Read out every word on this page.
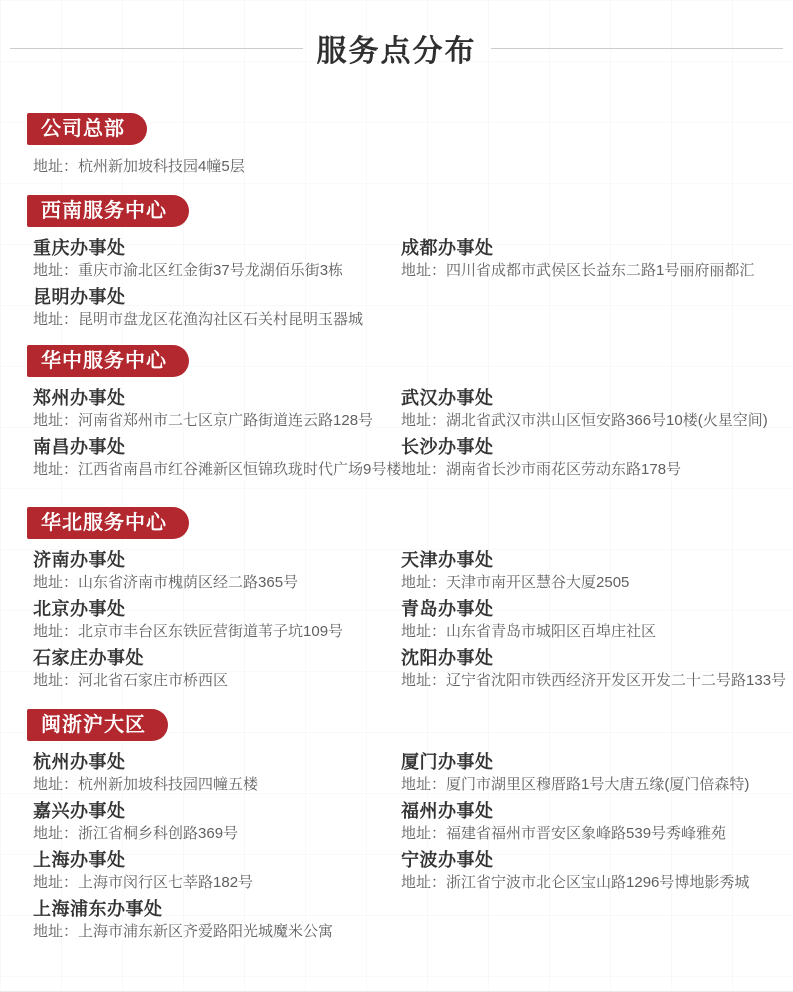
服务点分布
公司总部

地址：杭州新加坡科技园4幢5层

西南服务中心
重庆办事处
地址：重庆市渝北区红金街37号龙湖佰乐街3栋
成都办事处
地址：四川省成都市武侯区长益东二路1号丽府丽都汇
昆明办事处
地址：昆明市盘龙区花渔沟社区石关村昆明玉器城
华中服务中心
郑州办事处
地址：河南省郑州市二七区京广路街道连云路128号
武汉办事处
地址：湖北省武汉市洪山区恒安路366号10楼(火星空间)
南昌办事处
地址：江西省南昌市红谷滩新区恒锦玖珑时代广场9号楼
长沙办事处
地址：湖南省长沙市雨花区劳动东路178号
华北服务中心
济南办事处
地址：山东省济南市槐荫区经二路365号
天津办事处
地址：天津市南开区慧谷大厦2505
北京办事处
地址：北京市丰台区东铁匠营街道苇子坑109号
青岛办事处
地址：山东省青岛市城阳区百埠庄社区
石家庄办事处
地址：河北省石家庄市桥西区
沈阳办事处
地址：辽宁省沈阳市铁西经济开发区开发二十二号路133号
闽浙沪大区
杭州办事处
地址：杭州新加坡科技园四幢五楼
厦门办事处
地址：厦门市湖里区穆厝路1号大唐五缘(厦门倍森特)
嘉兴办事处
地址：浙江省桐乡科创路369号
福州办事处
地址：福建省福州市晋安区象峰路539号秀峰雅苑
上海办事处
地址：上海市闵行区七莘路182号
宁波办事处
地址：浙江省宁波市北仑区宝山路1296号博地影秀城
上海浦东办事处
地址：上海市浦东新区齐爱路阳光城魔米公寓
